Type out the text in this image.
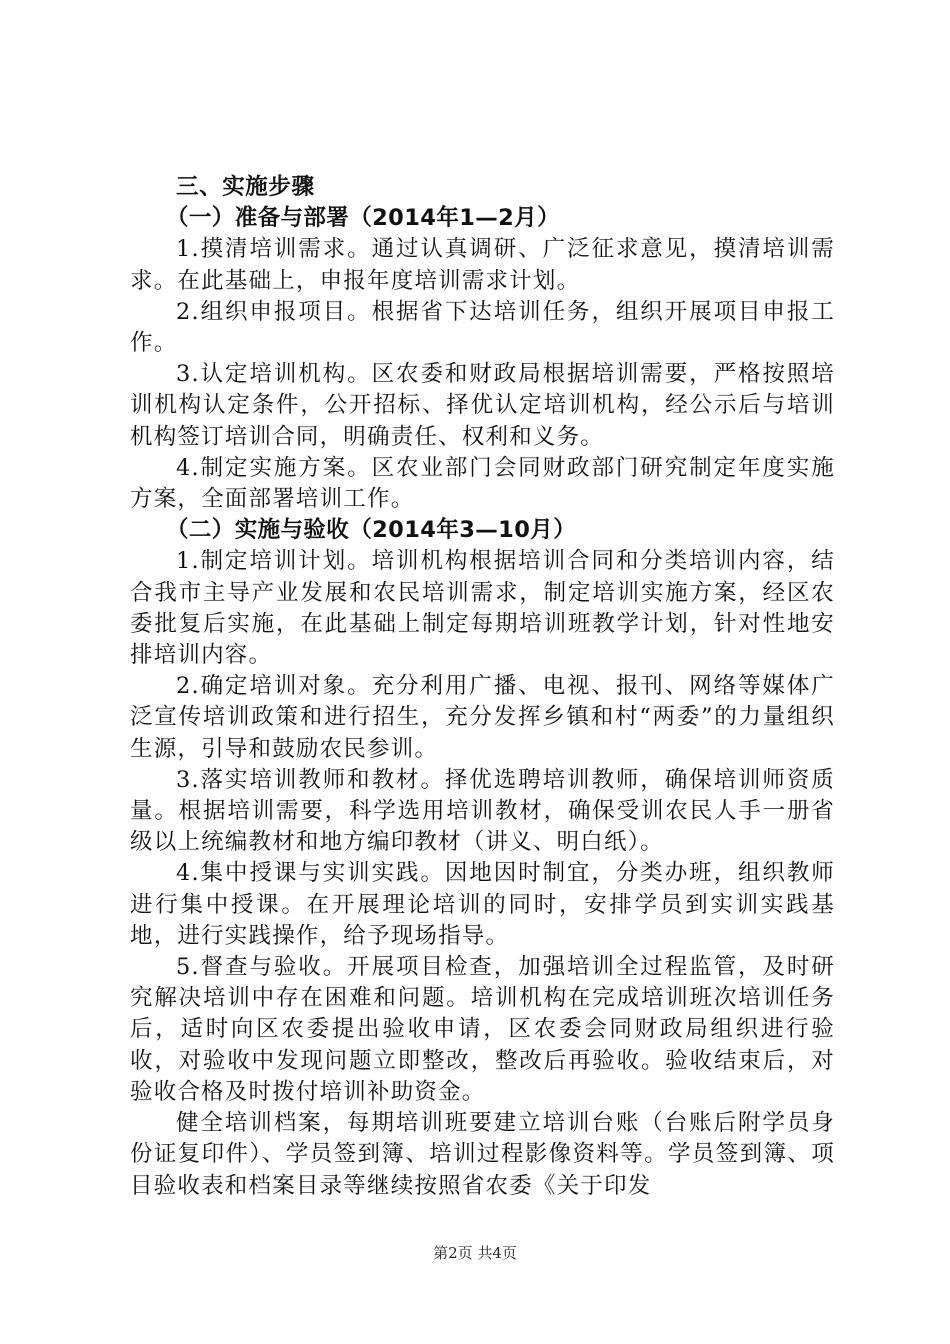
三、实施步骤

（一）准备与部署（2014年1—2月）

1.摸清培训需求。通过认真调研、广泛征求意见，摸清培训需求。在此基础上，申报年度培训需求计划。

2.组织申报项目。根据省下达培训任务，组织开展项目申报工作。

3.认定培训机构。区农委和财政局根据培训需要，严格按照培训机构认定条件，公开招标、择优认定培训机构，经公示后与培训机构签订培训合同，明确责任、权利和义务。

4.制定实施方案。区农业部门会同财政部门研究制定年度实施方案，全面部署培训工作。

（二）实施与验收（2014年3—10月）

1.制定培训计划。培训机构根据培训合同和分类培训内容，结合我市主导产业发展和农民培训需求，制定培训实施方案，经区农委批复后实施，在此基础上制定每期培训班教学计划，针对性地安排培训内容。

2.确定培训对象。充分利用广播、电视、报刊、网络等媒体广泛宣传培训政策和进行招生，充分发挥乡镇和村“两委”的力量组织生源，引导和鼓励农民参训。

3.落实培训教师和教材。择优选聘培训教师，确保培训师资质量。根据培训需要，科学选用培训教材，确保受训农民人手一册省级以上统编教材和地方编印教材（讲义、明白纸）。

4.集中授课与实训实践。因地因时制宜，分类办班，组织教师进行集中授课。在开展理论培训的同时，安排学员到实训实践基地，进行实践操作，给予现场指导。

5.督查与验收。开展项目检查，加强培训全过程监管，及时研究解决培训中存在困难和问题。培训机构在完成培训班次培训任务后，适时向区农委提出验收申请，区农委会同财政局组织进行验收，对验收中发现问题立即整改，整改后再验收。验收结束后，对验收合格及时拨付培训补助资金。

健全培训档案，每期培训班要建立培训台账（台账后附学员身份证复印件）、学员签到簿、培训过程影像资料等。学员签到簿、项目验收表和档案目录等继续按照省农委《关于印发

第2页 共4页
